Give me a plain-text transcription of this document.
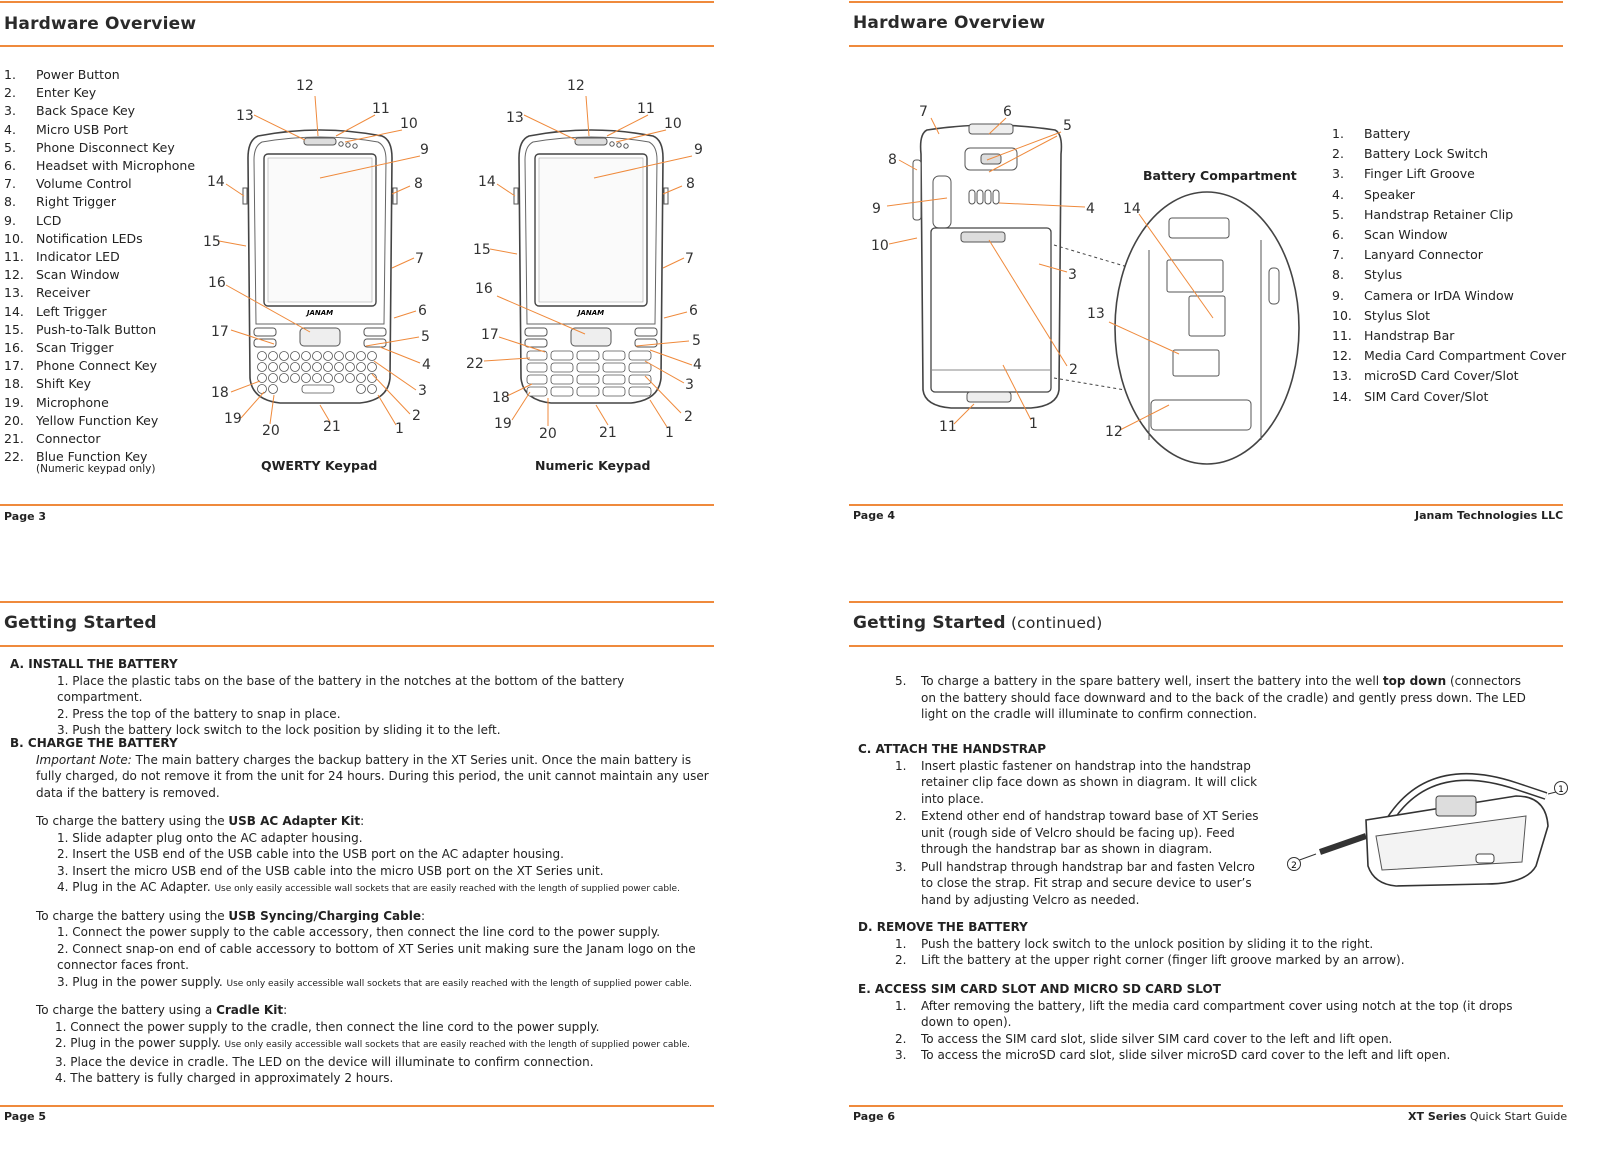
Hardware Overview
1.	Power Button
2.	Enter Key
3.	Back Space Key
4.	Micro USB Port
5.	Phone Disconnect Key
6.	Headset with Microphone
7.	Volume Control
8.	Right Trigger
9.	LCD
10. Notification LEDs
11. Indicator LED
12. Scan Window
13. Receiver
14. Left Trigger
15. Push-to-Talk Button
16. Scan Trigger
17. Phone Connect Key
18. Shift Key
19. Microphone
20. Yellow Function Key
21. Connector
22. Blue Function Key
(Numeric keypad only)	QWERTY Keypad	Numeric Keypad
JANAM
12
11
10
9
13
14	8
15
7
16
6
5
17
4
3
18
2
19
20	21	1
JANAM
12
11
10
9
13
14	8
15
7
16
6
17	5
22	4
3
18
2
19
20	21	1
Page 3
Hardware Overview
1.	Battery
2.	Battery Lock Switch
3.	Finger Lift Groove
4.	Speaker
5.	Handstrap Retainer Clip
6.	Scan Window
7.	Lanyard Connector
8.	Stylus
9.	Camera or IrDA Window
10. Stylus Slot
11. Handstrap Bar
12. Media Card Compartment Cover
13. microSD Card Cover/Slot
14. SIM Card Cover/Slot
Battery Compartment
Page 4	Janam Technologies LLC
Getting Started

A. INSTALL THE BATTERY

1. Place the plastic tabs on the base of the battery in the notches at the bottom of the battery compartment.

2. Press the top of the battery to snap in place.

3. Push the battery lock switch to the lock position by sliding it to the left.

B. CHARGE THE BATTERY

Important Note: The main battery charges the backup battery in the XT Series unit. Once the main battery is fully charged, do not remove it from the unit for 24 hours. During this period, the unit cannot maintain any user data if the battery is removed.

To charge the battery using the USB AC Adapter Kit:

1. Slide adapter plug onto the AC adapter housing.

2. Insert the USB end of the USB cable into the USB port on the AC adapter housing.

3. Insert the micro USB end of the USB cable into the micro USB port on the XT Series unit.

4. Plug in the AC Adapter. Use only easily accessible wall sockets that are easily reached with the length of supplied power cable.

To charge the battery using the USB Syncing/Charging Cable:

1. Connect the power supply to the cable accessory, then connect the line cord to the power supply.

2. Connect snap-on end of cable accessory to bottom of XT Series unit making sure the Janam logo on the connector faces front.

3. Plug in the power supply. Use only easily accessible wall sockets that are easily reached with the length of supplied power cable.

To charge the battery using a Cradle Kit:

1. Connect the power supply to the cradle, then connect the line cord to the power supply.

2. Plug in the power supply. Use only easily accessible wall sockets that are easily reached with the length of supplied power cable.

3. Place the device in cradle. The LED on the device will illuminate to confirm connection.

4. The battery is fully charged in approximately 2 hours.

Page 5
Getting Started (continued)
5.	To charge a battery in the spare battery well, insert the battery into the well top down (connectors on the battery should face downward and to the back of the cradle) and gently press down. The LED light on the cradle will illuminate to confirm connection.

C. ATTACH THE HANDSTRAP

1.	Insert plastic fastener on handstrap into the handstrap retainer clip face down as shown in diagram. It will click into place.
2.	Extend other end of handstrap toward base of XT Series unit (rough side of Velcro should be facing up). Feed through the handstrap bar as shown in diagram.
3.	Pull handstrap through handstrap bar and fasten Velcro to close the strap. Fit strap and secure device to user’s hand by adjusting Velcro as needed.
1
2

D. REMOVE THE BATTERY

1.	Push the battery lock switch to the unlock position by sliding it to the right.
2.	Lift the battery at the upper right corner (finger lift groove marked by an arrow).

E. ACCESS SIM CARD SLOT AND MICRO SD CARD SLOT

1.	After removing the battery, lift the media card compartment cover using notch at the top (it drops down to open).
2.	To access the SIM card slot, slide silver SIM card cover to the left and lift open.
3.	To access the microSD card slot, slide silver microSD card cover to the left and lift open.
Page 6	XT Series Quick Start Guide
7	6
5
8
9	4
10
3
2
11	1
14
13
12
